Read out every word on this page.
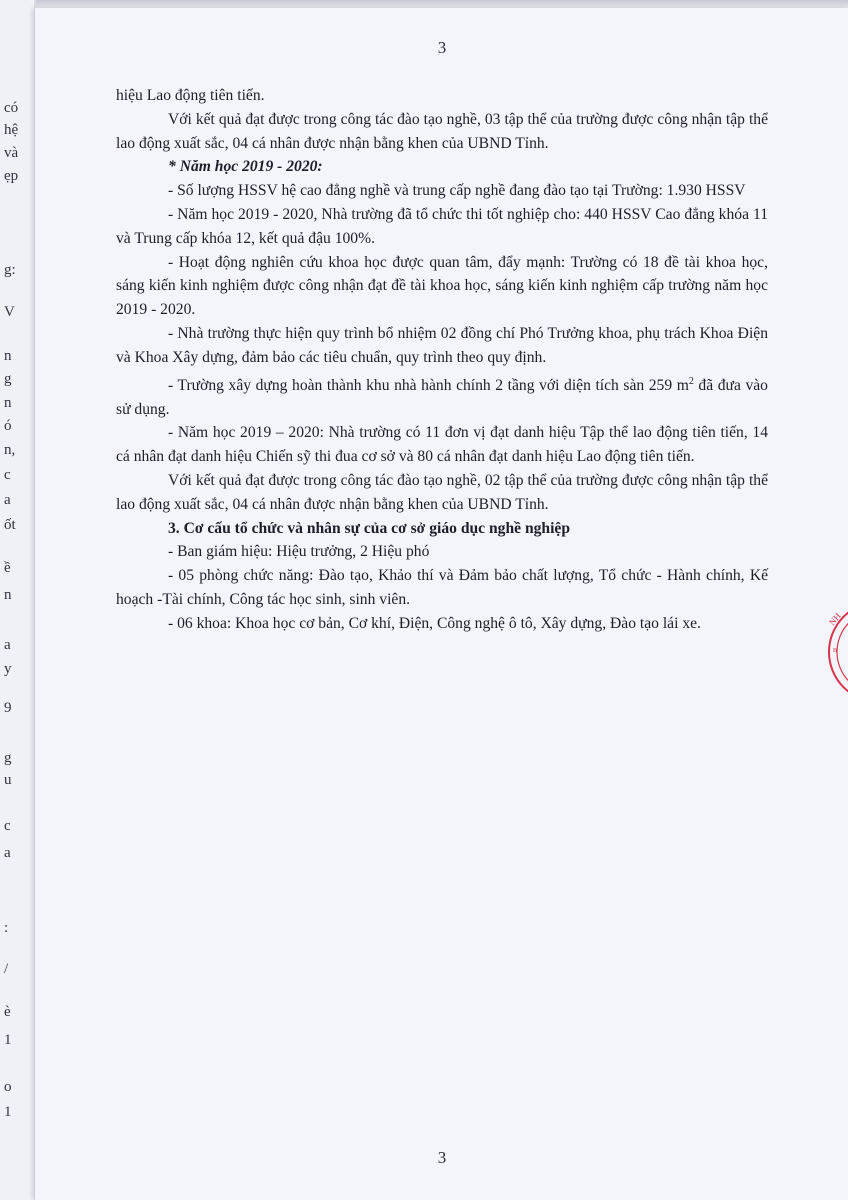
có
hệ
và
ẹp
g:
V
n
g
n
ó
n,
c
a
ốt
ề
n
a
y
9
g
u
c
a
:
/
è
1
o
1
3
NH
B
3

hiệu Lao động tiên tiến.

Với kết quả đạt được trong công tác đào tạo nghề, 03 tập thể của trường được công nhận tập thể lao động xuất sắc, 04 cá nhân được nhận bằng khen của UBND Tỉnh.

* Năm học 2019 - 2020:

- Số lượng HSSV hệ cao đẳng nghề và trung cấp nghề đang đào tạo tại Trường: 1.930 HSSV

- Năm học 2019 - 2020, Nhà trường đã tổ chức thi tốt nghiệp cho: 440 HSSV Cao đẳng khóa 11 và Trung cấp khóa 12, kết quả đậu 100%.

- Hoạt động nghiên cứu khoa học được quan tâm, đẩy mạnh: Trường có 18 đề tài khoa học, sáng kiến kinh nghiệm được công nhận đạt đề tài khoa học, sáng kiến kinh nghiệm cấp trường năm học 2019 - 2020.

- Nhà trường thực hiện quy trình bổ nhiệm 02 đồng chí Phó Trưởng khoa, phụ trách Khoa Điện và Khoa Xây dựng, đảm bảo các tiêu chuẩn, quy trình theo quy định.

- Trường xây dựng hoàn thành khu nhà hành chính 2 tầng với diện tích sàn 259 $m^2$ đã đưa vào sử dụng.

- Năm học 2019 – 2020: Nhà trường có 11 đơn vị đạt danh hiệu Tập thể lao động tiên tiến, 14 cá nhân đạt danh hiệu Chiến sỹ thi đua cơ sở và 80 cá nhân đạt danh hiệu Lao động tiên tiến.

Với kết quả đạt được trong công tác đào tạo nghề, 02 tập thể của trường được công nhận tập thể lao động xuất sắc, 04 cá nhân được nhận bằng khen của UBND Tỉnh.

3. Cơ cấu tổ chức và nhân sự của cơ sở giáo dục nghề nghiệp

- Ban giám hiệu: Hiệu trưởng, 2 Hiệu phó

- 05 phòng chức năng: Đào tạo, Khảo thí và Đảm bảo chất lượng, Tổ chức - Hành chính, Kế hoạch -Tài chính, Công tác học sinh, sinh viên.

- 06 khoa: Khoa học cơ bản, Cơ khí, Điện, Công nghệ ô tô, Xây dựng, Đào tạo lái xe.
